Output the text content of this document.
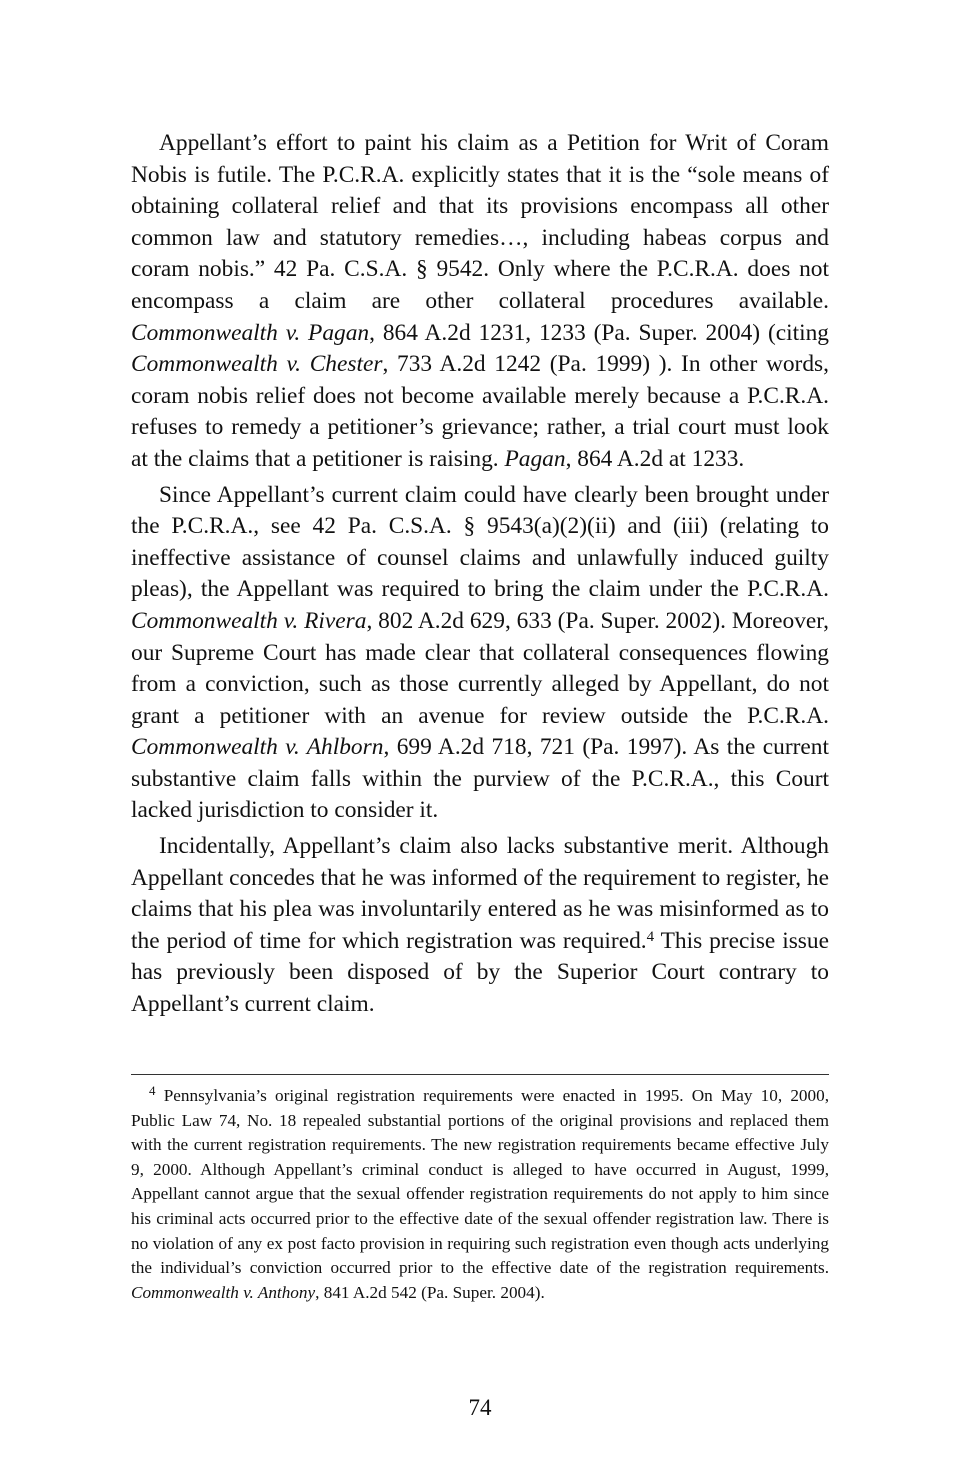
Appellant’s effort to paint his claim as a Petition for Writ of Coram Nobis is futile. The P.C.R.A. explicitly states that it is the “sole means of obtaining collateral relief and that its provisions encompass all other common law and statutory remedies…, including habeas corpus and coram nobis.” 42 Pa. C.S.A. § 9542. Only where the P.C.R.A. does not encompass a claim are other collateral procedures available. Commonwealth v. Pagan, 864 A.2d 1231, 1233 (Pa. Super. 2004) (citing Commonwealth v. Chester, 733 A.2d 1242 (Pa. 1999) ). In other words, coram nobis relief does not become available merely because a P.C.R.A. refuses to remedy a petitioner’s grievance; rather, a trial court must look at the claims that a petitioner is raising. Pagan, 864 A.2d at 1233.

Since Appellant’s current claim could have clearly been brought under the P.C.R.A., see 42 Pa. C.S.A. § 9543(a)(2)(ii) and (iii) (relating to ineffective assistance of counsel claims and unlawfully induced guilty pleas), the Appellant was required to bring the claim under the P.C.R.A. Commonwealth v. Rivera, 802 A.2d 629, 633 (Pa. Super. 2002). Moreover, our Supreme Court has made clear that collateral consequences flowing from a conviction, such as those currently alleged by Appellant, do not grant a petitioner with an avenue for review outside the P.C.R.A. Commonwealth v. Ahlborn, 699 A.2d 718, 721 (Pa. 1997). As the current substantive claim falls within the purview of the P.C.R.A., this Court lacked jurisdiction to consider it.

Incidentally, Appellant’s claim also lacks substantive merit. Although Appellant concedes that he was informed of the requirement to register, he claims that his plea was involuntarily entered as he was misinformed as to the period of time for which registration was required.$^4$ This precise issue has previously been disposed of by the Superior Court contrary to Appellant’s current claim.

$^4$ Pennsylvania’s original registration requirements were enacted in 1995. On May 10, 2000, Public Law 74, No. 18 repealed substantial portions of the original provisions and replaced them with the current registration requirements. The new registration requirements became effective July 9, 2000. Although Appellant’s criminal conduct is alleged to have occurred in August, 1999, Appellant cannot argue that the sexual offender registration requirements do not apply to him since his criminal acts occurred prior to the effective date of the sexual offender registration law. There is no violation of any ex post facto provision in requiring such registration even though acts underlying the individual’s conviction occurred prior to the effective date of the registration requirements. Commonwealth v. Anthony, 841 A.2d 542 (Pa. Super. 2004).

74
